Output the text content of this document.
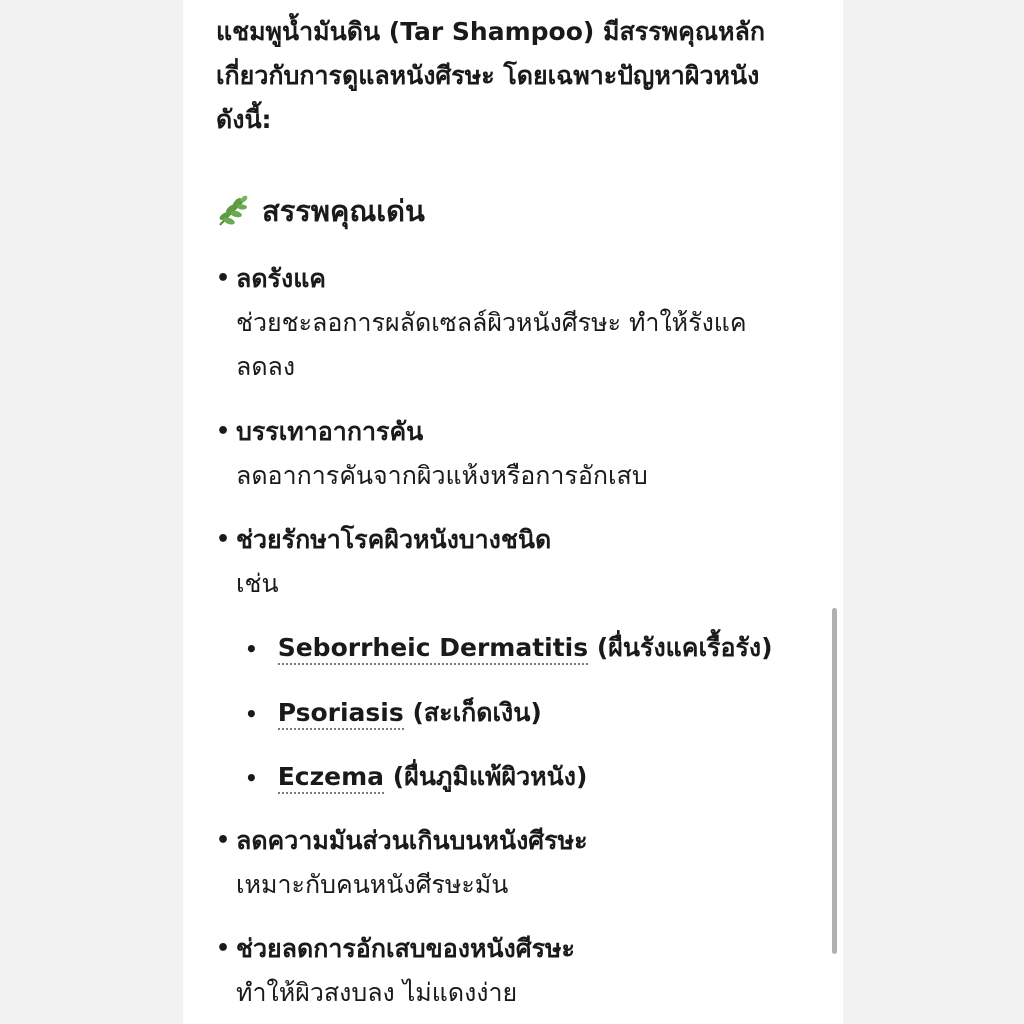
แชมพูน้ำมันดิน (Tar Shampoo) มีสรรพคุณหลัก
เกี่ยวกับการดูแลหนังศีรษะ โดยเฉพาะปัญหาผิวหนัง
ดังนี้:

สรรพคุณเด่น
• ลดรังแค
ช่วยชะลอการผลัดเซลล์ผิวหนังศีรษะ ทำให้รังแค
ลดลง
• บรรเทาอาการคัน
ลดอาการคันจากผิวแห้งหรือการอักเสบ
• ช่วยรักษาโรคผิวหนังบางชนิด
เช่น
• Seborrheic Dermatitis (ผื่นรังแคเรื้อรัง)
• Psoriasis (สะเก็ดเงิน)
• Eczema (ผื่นภูมิแพ้ผิวหนัง)
• ลดความมันส่วนเกินบนหนังศีรษะ
เหมาะกับคนหนังศีรษะมัน
• ช่วยลดการอักเสบของหนังศีรษะ
ทำให้ผิวสงบลง ไม่แดงง่าย
